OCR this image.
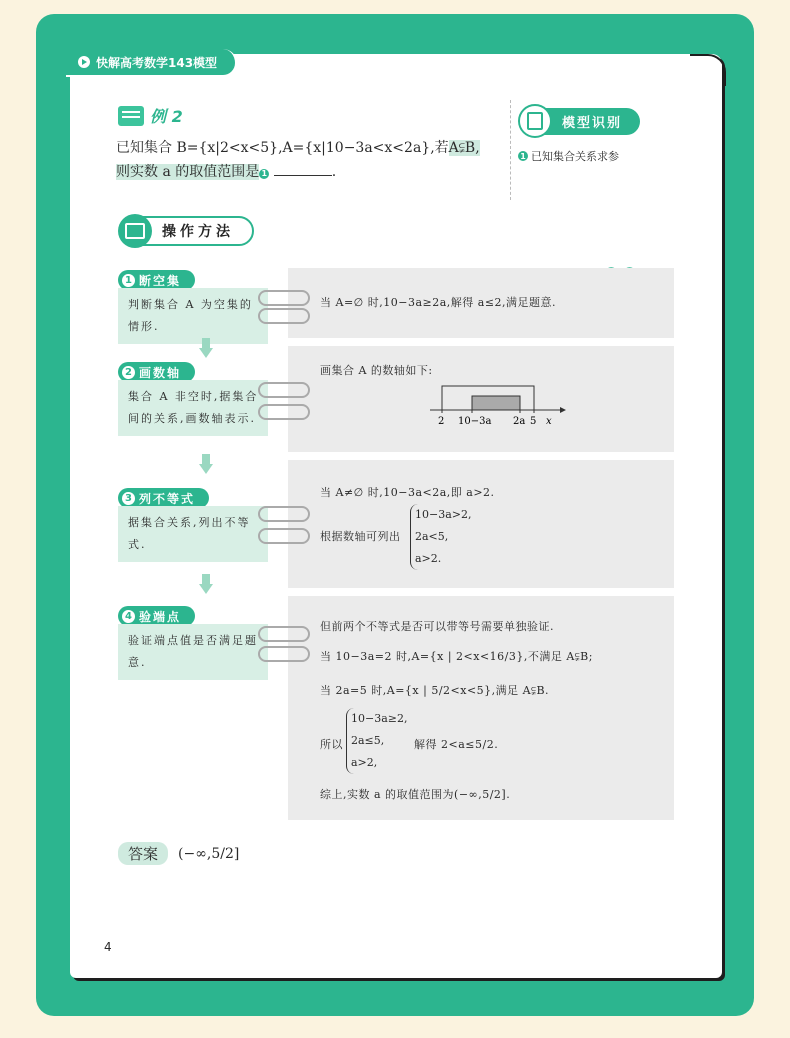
快解高考数学143模型
例 2
已知集合 B={x|2<x<5},A={x|10−3a<x<2a},若A⫋B,
则实数 a 的取值范围是 1	.
模型识别
1 已知集合关系求参
操作方法
1 断空集
判断集合 A 为空集的情形.
2 画数轴
集合 A 非空时,据集合间的关系,画数轴表示.
3 列不等式
据集合关系,列出不等式.
4 验端点
验证端点值是否满足题意.
当 A=∅ 时,10−3a≥2a,解得 a≤2,满足题意.
画集合 A 的数轴如下:
2 10−3a 2a 5 x
当 A≠∅ 时,10−3a<2a,即 a>2.
根据数轴可列出
10−3a>2,
2a<5,
a>2.
但前两个不等式是否可以带等号需要单独验证.
当 10−3a=2 时,A={x | 2<x<16/3},不满足 A⫋B;
当 2a=5 时,A={x | 5/2<x<5},满足 A⫋B.
所以
10−3a≥2,
2a≤5,
a>2,
解得 2<a≤5/2.
综上,实数 a 的取值范围为(−∞,5/2].
答案	(−∞,5/2]
4
